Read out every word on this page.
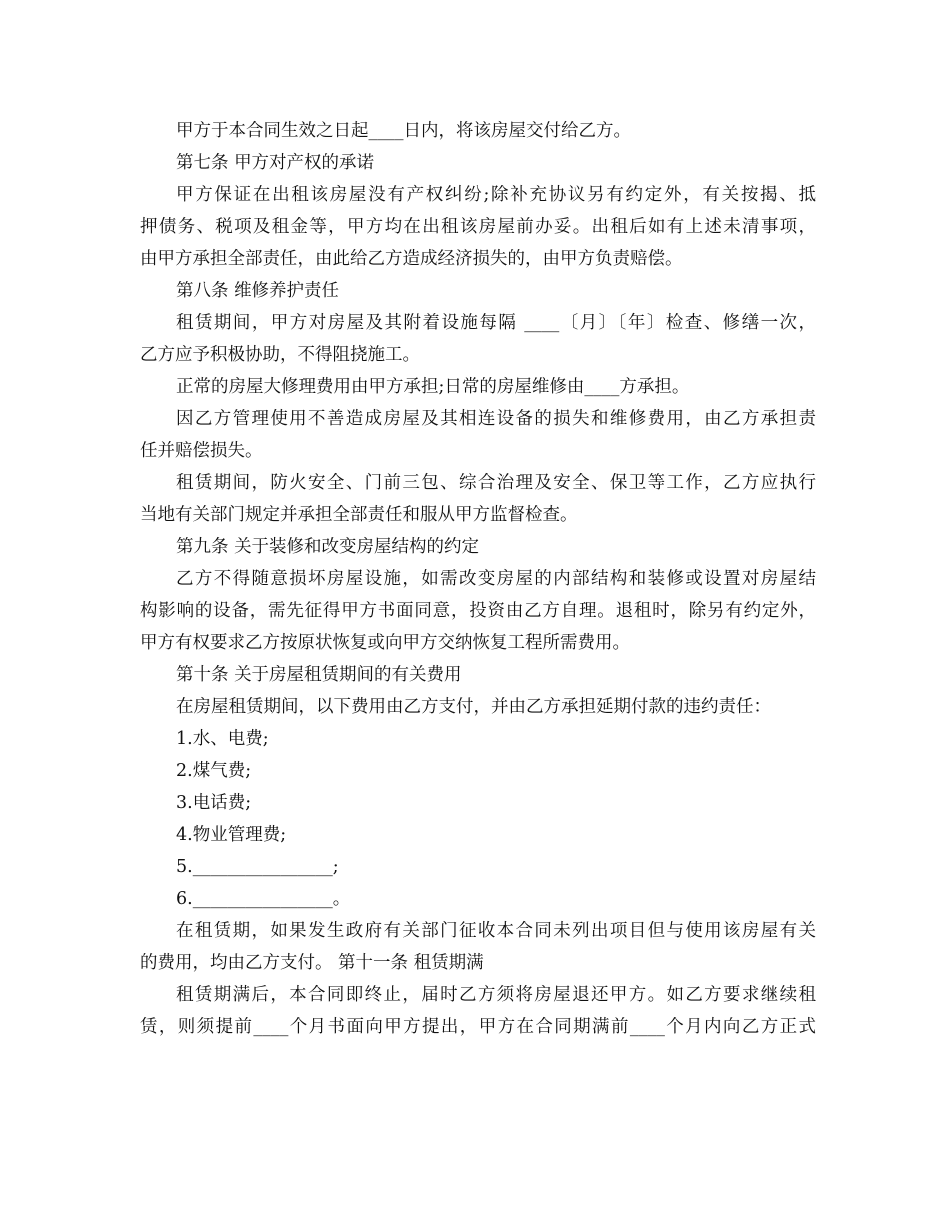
甲方于本合同生效之日起____日内，将该房屋交付给乙方。
第七条 甲方对产权的承诺
甲方保证在出租该房屋没有产权纠纷;除补充协议另有约定外，有关按揭、抵
押债务、税项及租金等，甲方均在出租该房屋前办妥。出租后如有上述未清事项，
由甲方承担全部责任，由此给乙方造成经济损失的，由甲方负责赔偿。
第八条 维修养护责任
租赁期间，甲方对房屋及其附着设施每隔 ____〔月〕〔年〕检查、修缮一次，
乙方应予积极协助，不得阻挠施工。
正常的房屋大修理费用由甲方承担;日常的房屋维修由____方承担。
因乙方管理使用不善造成房屋及其相连设备的损失和维修费用，由乙方承担责
任并赔偿损失。
租赁期间，防火安全、门前三包、综合治理及安全、保卫等工作，乙方应执行
当地有关部门规定并承担全部责任和服从甲方监督检查。
第九条 关于装修和改变房屋结构的约定
乙方不得随意损坏房屋设施，如需改变房屋的内部结构和装修或设置对房屋结
构影响的设备，需先征得甲方书面同意，投资由乙方自理。退租时，除另有约定外，
甲方有权要求乙方按原状恢复或向甲方交纳恢复工程所需费用。
第十条 关于房屋租赁期间的有关费用
在房屋租赁期间，以下费用由乙方支付，并由乙方承担延期付款的违约责任：
1.水、电费;
2.煤气费;
3.电话费;
4.物业管理费;
5.________________;
6.________________。
在租赁期，如果发生政府有关部门征收本合同未列出项目但与使用该房屋有关
的费用，均由乙方支付。 第十一条 租赁期满
租赁期满后，本合同即终止，届时乙方须将房屋退还甲方。如乙方要求继续租
赁，则须提前____个月书面向甲方提出，甲方在合同期满前____个月内向乙方正式
